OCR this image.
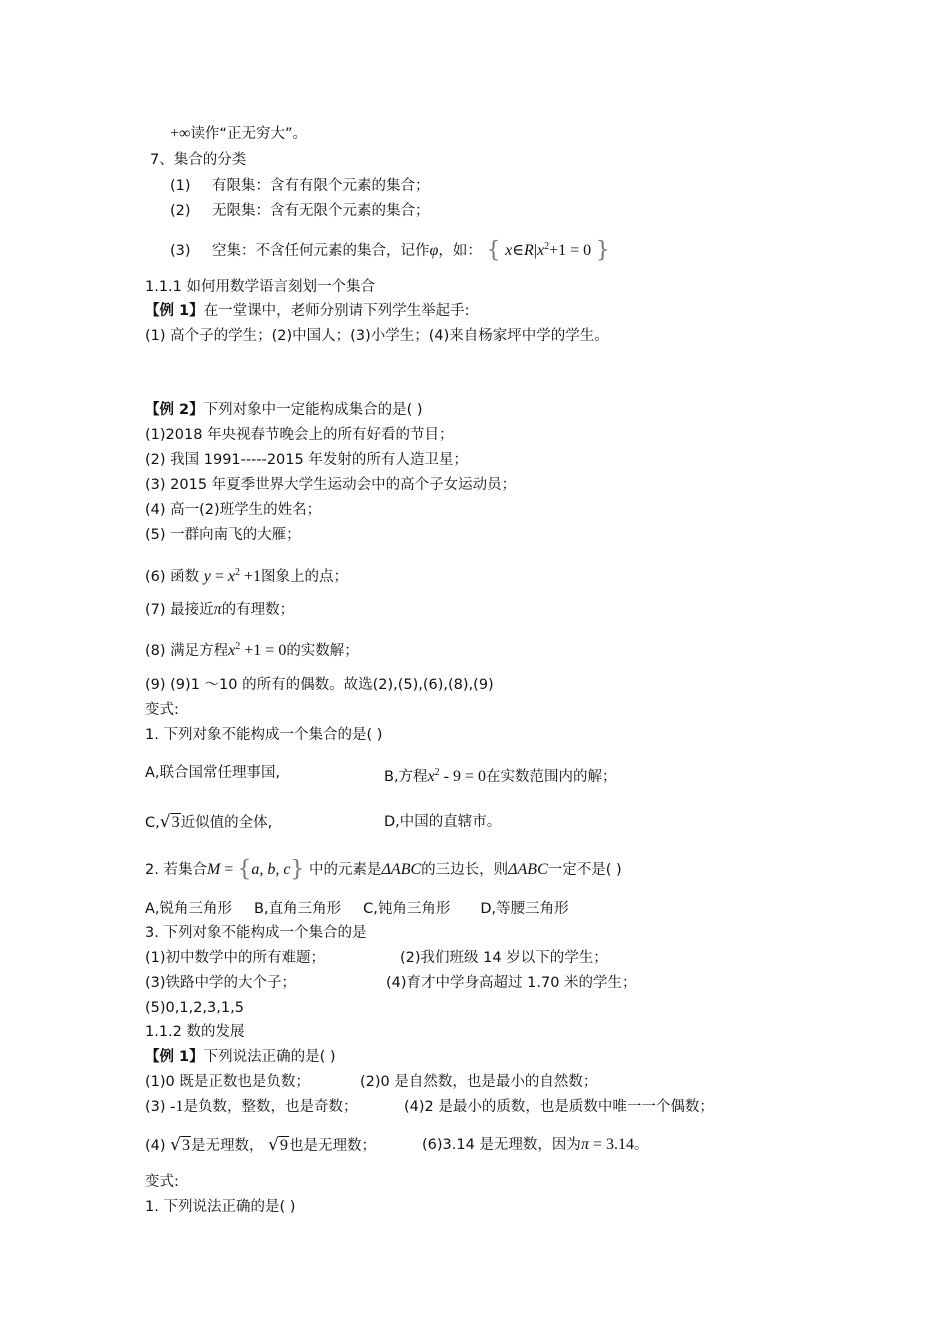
+∞读作“正无穷大”。
7、集合的分类
(1) 有限集：含有有限个元素的集合；
(2) 无限集：含有无限个元素的集合；
(3) 空集：不含任何元素的集合，记作φ，如： { $x\in R|x^2+1 = 0$ }
1.1.1 如何用数学语言刻划一个集合
【例 1】在一堂课中，老师分别请下列学生举起手:
(1) 高个子的学生；(2)中国人；(3)小学生；(4)来自杨家坪中学的学生。
【例 2】下列对象中一定能构成集合的是( )
(1)2018 年央视春节晚会上的所有好看的节目；
(2) 我国 1991-----2015 年发射的所有人造卫星；
(3) 2015 年夏季世界大学生运动会中的高个子女运动员；
(4) 高一(2)班学生的姓名；
(5) 一群向南飞的大雁；
(6) 函数 $y = x^2 +1$图象上的点；
(7) 最接近π的有理数；
(8) 满足方程$x^2 +1 = 0$的实数解；
(9) (9)1 ～10 的所有的偶数。故选(2),(5),(6),(8),(9)
变式:
1. 下列对象不能构成一个集合的是( )
A,联合国常任理事国,	B,方程$x^2 - 9 = 0$在实数范围内的解；
C,√3近似值的全体,	D,中国的直辖市。
2. 若集合M = {a, b, c} 中的元素是ΔABC的三边长，则ΔABC一定不是( )
A,锐角三角形 B,直角三角形 C,钝角三角形 D,等腰三角形
3. 下列对象不能构成一个集合的是
(1)初中数学中的所有难题；	(2)我们班级 14 岁以下的学生；
(3)铁路中学的大个子；	(4)育才中学身高超过 1.70 米的学生；
(5)0,1,2,3,1,5
1.1.2 数的发展
【例 1】下列说法正确的是( )
(1)0 既是正数也是负数；	(2)0 是自然数，也是最小的自然数；
(3) -1是负数，整数，也是奇数；	(4)2 是最小的质数，也是质数中唯一一个偶数；
(4) √3是无理数， √9也是无理数；	(6)3.14 是无理数，因为π = 3.14。
变式:
1. 下列说法正确的是( )
